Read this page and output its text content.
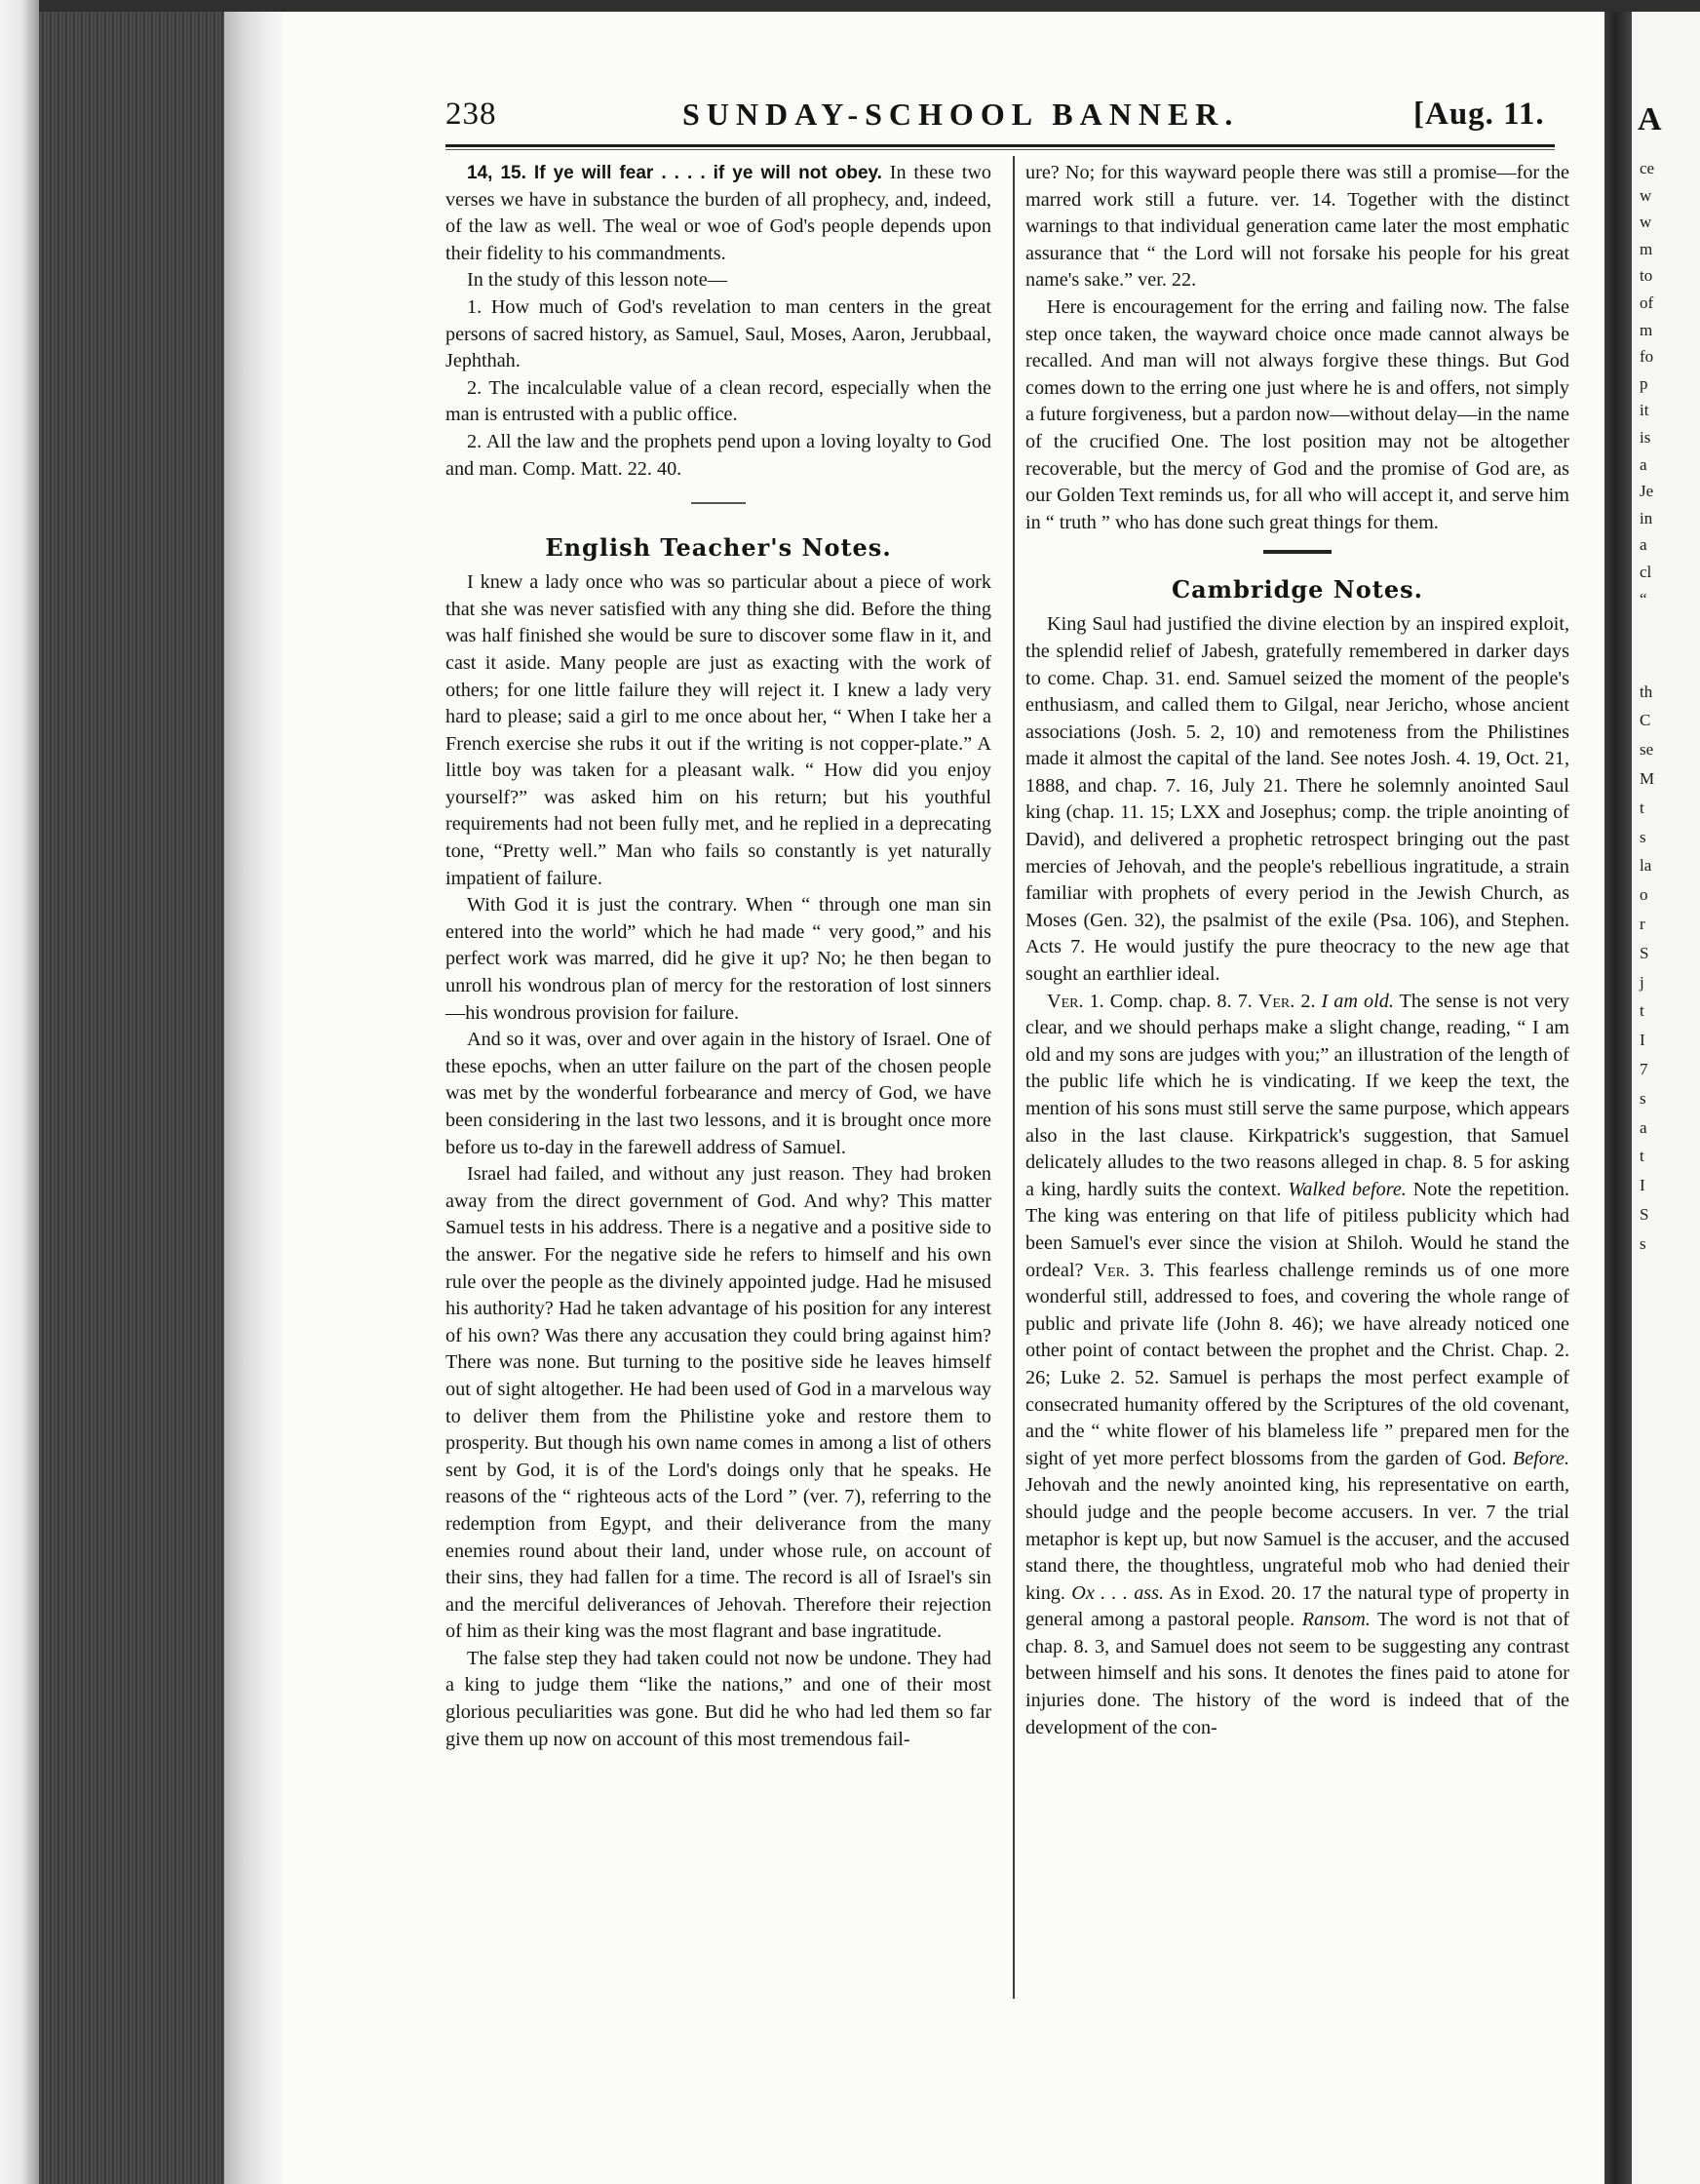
A
ce
w
w
m
to
of
m
fo
p
it
is
a
Je
in
a
cl
“
th
C
se
M
t
s
la
o
r
S
j
t
I
7
s
a
t
I
S
s
238	SUNDAY-SCHOOL BANNER.	[Aug. 11.

14, 15. If ye will fear . . . . if ye will not obey. In these two verses we have in substance the burden of all prophecy, and, indeed, of the law as well. The weal or woe of God's people depends upon their fidelity to his commandments.

In the study of this lesson note—

1. How much of God's revelation to man centers in the great persons of sacred history, as Samuel, Saul, Moses, Aaron, Jerubbaal, Jephthah.

2. The incalculable value of a clean record, especially when the man is entrusted with a public office.

2. All the law and the prophets pend upon a loving loyalty to God and man. Comp. Matt. 22. 40.

English Teacher's Notes.

I knew a lady once who was so particular about a piece of work that she was never satisfied with any thing she did. Before the thing was half finished she would be sure to discover some flaw in it, and cast it aside. Many people are just as exacting with the work of others; for one little failure they will reject it. I knew a lady very hard to please; said a girl to me once about her, “ When I take her a French exercise she rubs it out if the writing is not copper-plate.” A little boy was taken for a pleasant walk. “ How did you enjoy yourself?” was asked him on his return; but his youthful requirements had not been fully met, and he replied in a deprecating tone, “Pretty well.” Man who fails so constantly is yet naturally impatient of failure.

With God it is just the contrary. When “ through one man sin entered into the world” which he had made “ very good,” and his perfect work was marred, did he give it up? No; he then began to unroll his wondrous plan of mercy for the restoration of lost sinners—his wondrous provision for failure.

And so it was, over and over again in the history of Israel. One of these epochs, when an utter failure on the part of the chosen people was met by the wonderful forbearance and mercy of God, we have been considering in the last two lessons, and it is brought once more before us to-day in the farewell address of Samuel.

Israel had failed, and without any just reason. They had broken away from the direct government of God. And why? This matter Samuel tests in his address. There is a negative and a positive side to the answer. For the negative side he refers to himself and his own rule over the people as the divinely appointed judge. Had he misused his authority? Had he taken advantage of his position for any interest of his own? Was there any accusation they could bring against him? There was none. But turning to the positive side he leaves himself out of sight altogether. He had been used of God in a marvelous way to deliver them from the Philistine yoke and restore them to prosperity. But though his own name comes in among a list of others sent by God, it is of the Lord's doings only that he speaks. He reasons of the “ righteous acts of the Lord ” (ver. 7), referring to the redemption from Egypt, and their deliverance from the many enemies round about their land, under whose rule, on account of their sins, they had fallen for a time. The record is all of Israel's sin and the merciful deliverances of Jehovah. Therefore their rejection of him as their king was the most flagrant and base ingratitude.

The false step they had taken could not now be undone. They had a king to judge them “like the nations,” and one of their most glorious peculiarities was gone. But did he who had led them so far give them up now on account of this most tremendous fail-

ure? No; for this wayward people there was still a promise—for the marred work still a future. ver. 14. Together with the distinct warnings to that individual generation came later the most emphatic assurance that “ the Lord will not forsake his people for his great name's sake.” ver. 22.

Here is encouragement for the erring and failing now. The false step once taken, the wayward choice once made cannot always be recalled. And man will not always forgive these things. But God comes down to the erring one just where he is and offers, not simply a future forgiveness, but a pardon now—without delay—in the name of the crucified One. The lost position may not be altogether recoverable, but the mercy of God and the promise of God are, as our Golden Text reminds us, for all who will accept it, and serve him in “ truth ” who has done such great things for them.

Cambridge Notes.

King Saul had justified the divine election by an inspired exploit, the splendid relief of Jabesh, gratefully remembered in darker days to come. Chap. 31. end. Samuel seized the moment of the people's enthusiasm, and called them to Gilgal, near Jericho, whose ancient associations (Josh. 5. 2, 10) and remoteness from the Philistines made it almost the capital of the land. See notes Josh. 4. 19, Oct. 21, 1888, and chap. 7. 16, July 21. There he solemnly anointed Saul king (chap. 11. 15; LXX and Josephus; comp. the triple anointing of David), and delivered a prophetic retrospect bringing out the past mercies of Jehovah, and the people's rebellious ingratitude, a strain familiar with prophets of every period in the Jewish Church, as Moses (Gen. 32), the psalmist of the exile (Psa. 106), and Stephen. Acts 7. He would justify the pure theocracy to the new age that sought an earthlier ideal.

Ver. 1. Comp. chap. 8. 7. Ver. 2. I am old. The sense is not very clear, and we should perhaps make a slight change, reading, “ I am old and my sons are judges with you;” an illustration of the length of the public life which he is vindicating. If we keep the text, the mention of his sons must still serve the same purpose, which appears also in the last clause. Kirkpatrick's suggestion, that Samuel delicately alludes to the two reasons alleged in chap. 8. 5 for asking a king, hardly suits the context. Walked before. Note the repetition. The king was entering on that life of pitiless publicity which had been Samuel's ever since the vision at Shiloh. Would he stand the ordeal? Ver. 3. This fearless challenge reminds us of one more wonderful still, addressed to foes, and covering the whole range of public and private life (John 8. 46); we have already noticed one other point of contact between the prophet and the Christ. Chap. 2. 26; Luke 2. 52. Samuel is perhaps the most perfect example of consecrated humanity offered by the Scriptures of the old covenant, and the “ white flower of his blameless life ” prepared men for the sight of yet more perfect blossoms from the garden of God. Before. Jehovah and the newly anointed king, his representative on earth, should judge and the people become accusers. In ver. 7 the trial metaphor is kept up, but now Samuel is the accuser, and the accused stand there, the thoughtless, ungrateful mob who had denied their king. Ox . . . ass. As in Exod. 20. 17 the natural type of property in general among a pastoral people. Ransom. The word is not that of chap. 8. 3, and Samuel does not seem to be suggesting any contrast between himself and his sons. It denotes the fines paid to atone for injuries done. The history of the word is indeed that of the development of the con-
